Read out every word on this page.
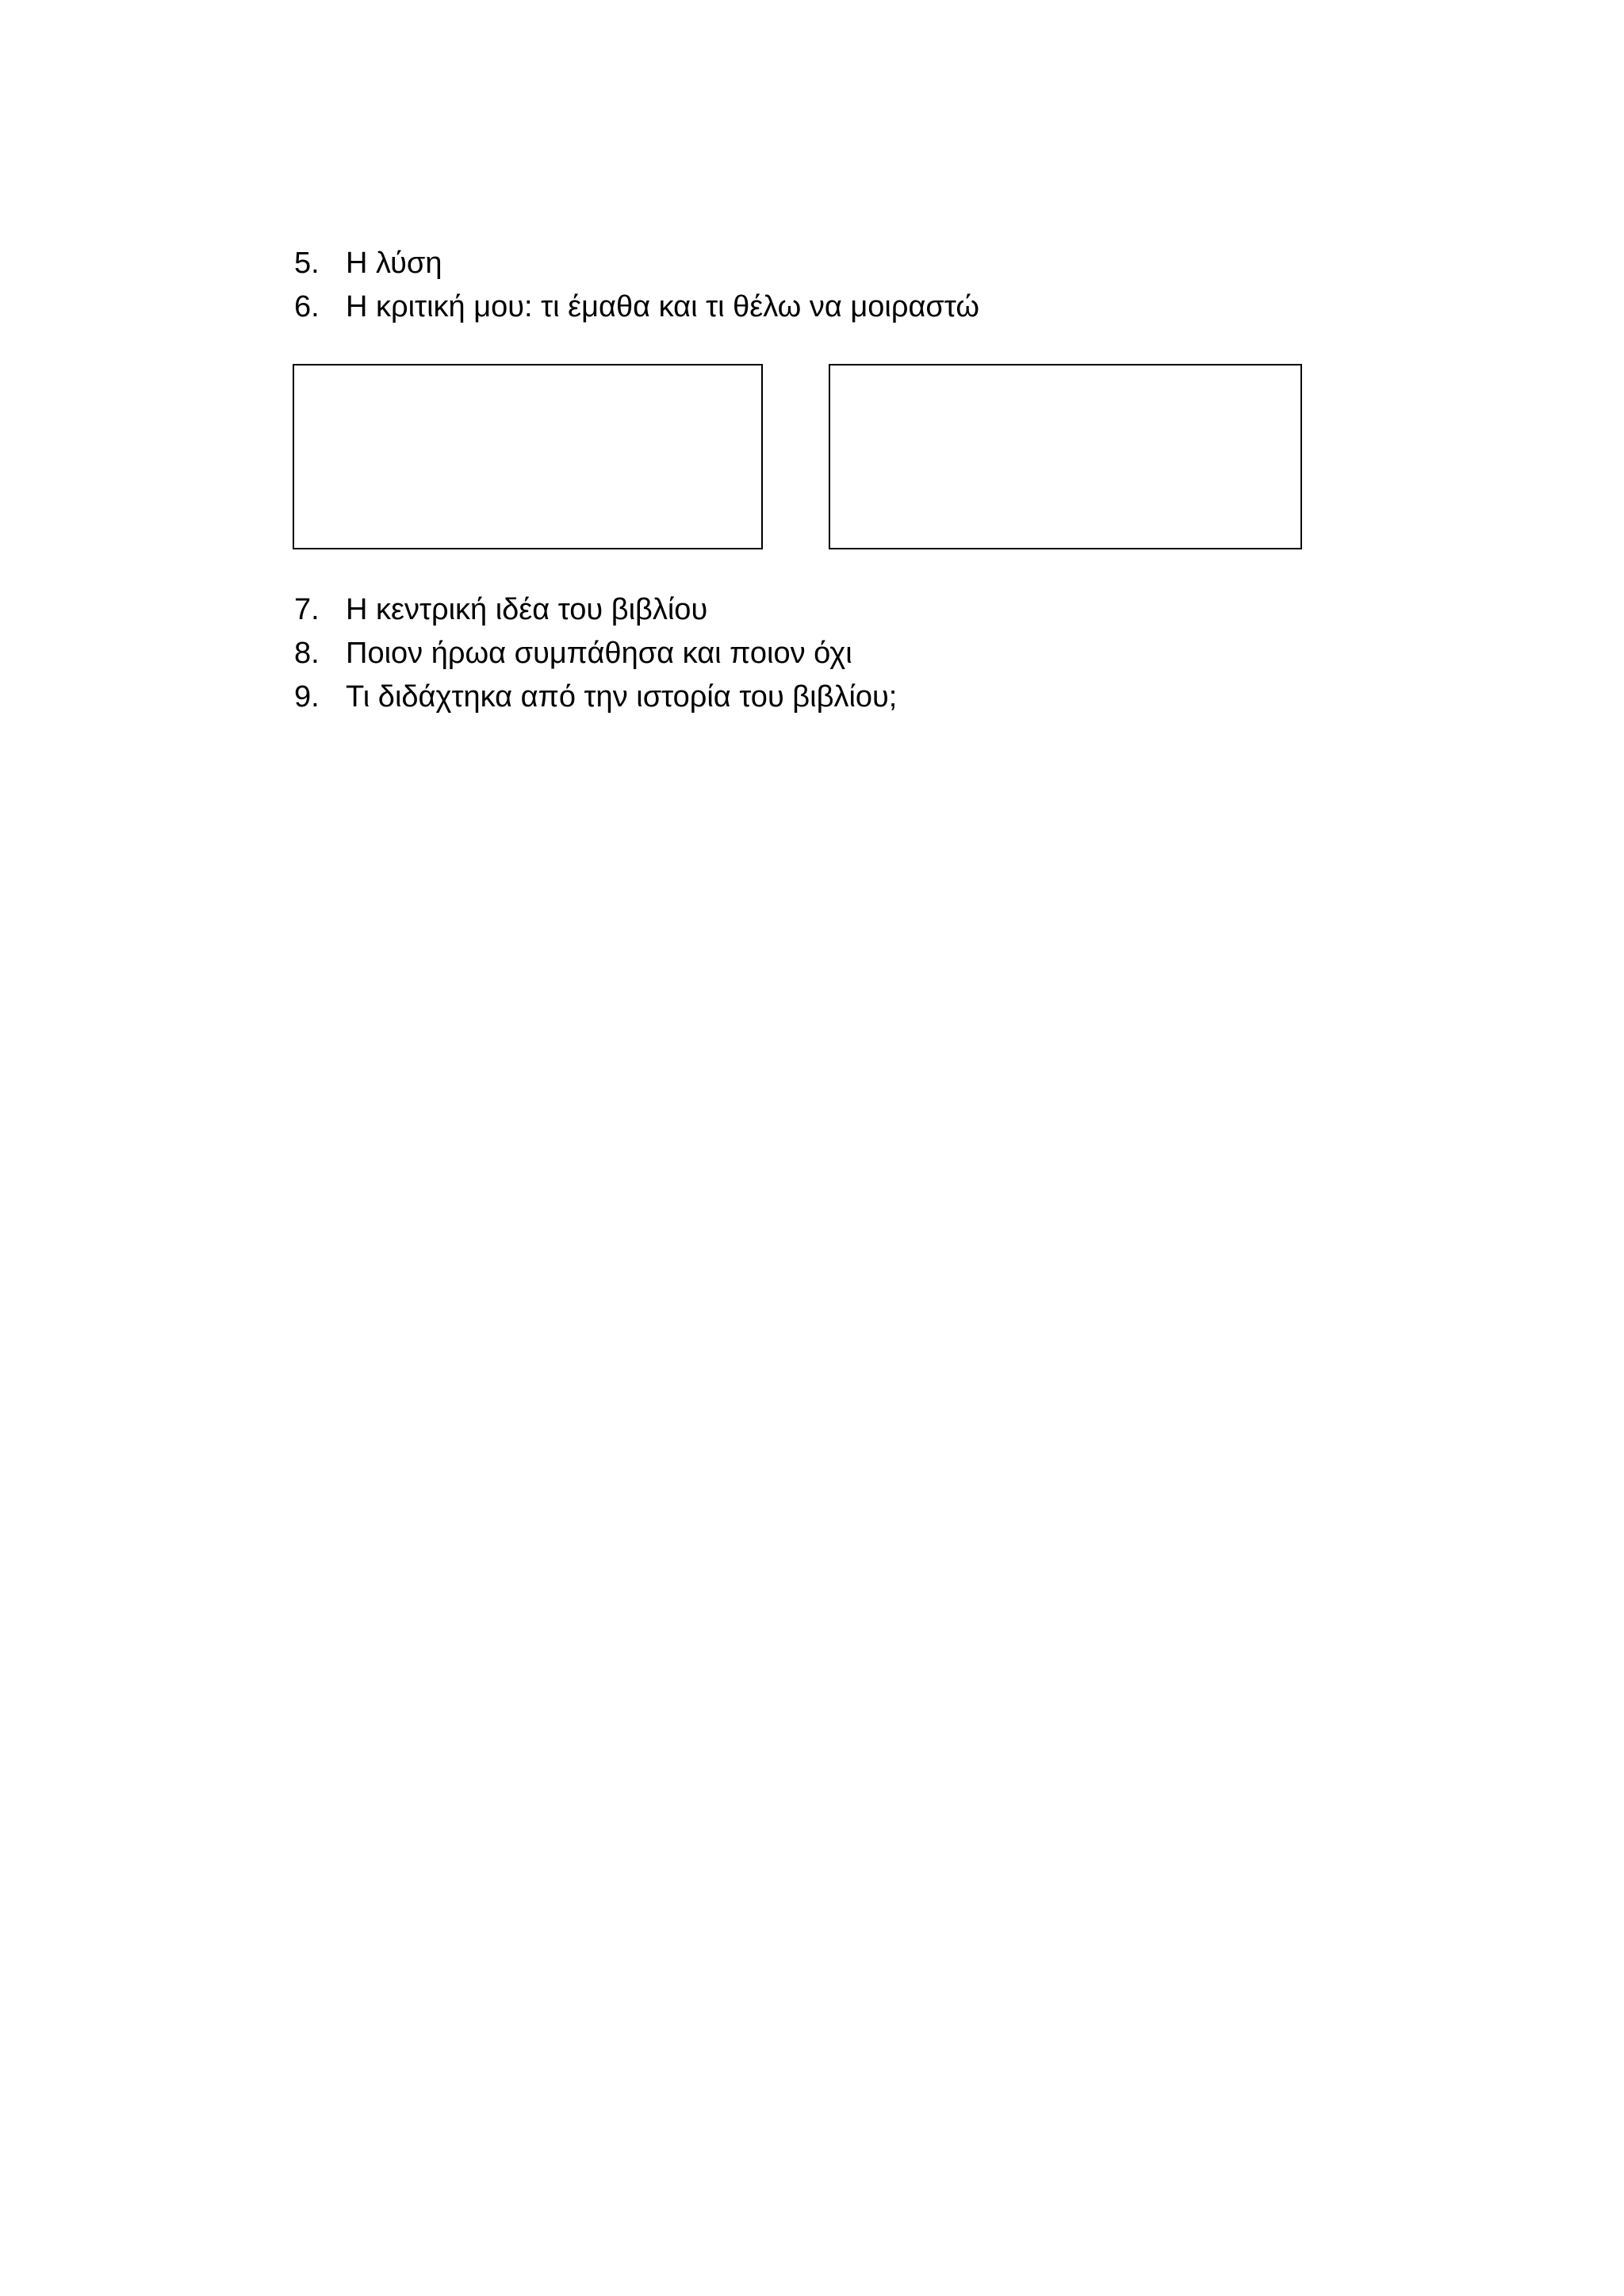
5. Η λύση
6. Η κριτική μου: τι έμαθα και τι θέλω να μοιραστώ
7. Η κεντρική ιδέα του βιβλίου
8. Ποιον ήρωα συμπάθησα και ποιον όχι
9. Τι διδάχτηκα από την ιστορία του βιβλίου;
